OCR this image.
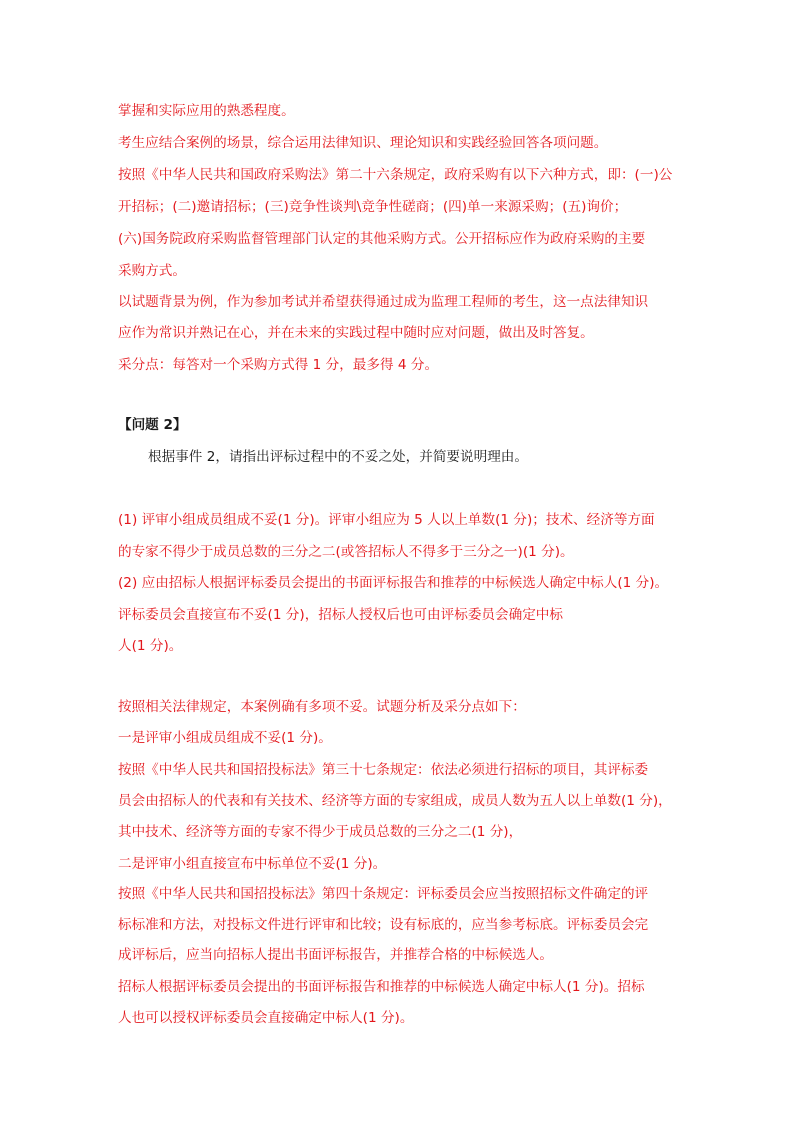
掌握和实际应用的熟悉程度。
考生应结合案例的场景，综合运用法律知识、理论知识和实践经验回答各项问题。
按照《中华人民共和国政府采购法》第二十六条规定，政府采购有以下六种方式，即：(一)公
开招标；(二)邀请招标；(三)竞争性谈判\竞争性磋商；(四)单一来源采购；(五)询价；
(六)国务院政府采购监督管理部门认定的其他采购方式。公开招标应作为政府采购的主要
采购方式。
以试题背景为例，作为参加考试并希望获得通过成为监理工程师的考生，这一点法律知识
应作为常识并熟记在心，并在未来的实践过程中随时应对问题，做出及时答复。
采分点：每答对一个采购方式得 1 分，最多得 4 分。
【问题 2】
根据事件 2，请指出评标过程中的不妥之处，并简要说明理由。
(1) 评审小组成员组成不妥(1 分)。评审小组应为 5 人以上单数(1 分)；技术、经济等方面
的专家不得少于成员总数的三分之二(或答招标人不得多于三分之一)(1 分)。
(2) 应由招标人根据评标委员会提出的书面评标报告和推荐的中标候选人确定中标人(1 分)。
评标委员会直接宣布不妥(1 分)，招标人授权后也可由评标委员会确定中标
人(1 分)。
按照相关法律规定，本案例确有多项不妥。试题分析及采分点如下：
一是评审小组成员组成不妥(1 分)。
按照《中华人民共和国招投标法》第三十七条规定：依法必须进行招标的项目，其评标委
员会由招标人的代表和有关技术、经济等方面的专家组成，成员人数为五人以上单数(1 分)，
其中技术、经济等方面的专家不得少于成员总数的三分之二(1 分)，
二是评审小组直接宣布中标单位不妥(1 分)。
按照《中华人民共和国招投标法》第四十条规定：评标委员会应当按照招标文件确定的评
标标准和方法，对投标文件进行评审和比较；设有标底的，应当参考标底。评标委员会完
成评标后，应当向招标人提出书面评标报告，并推荐合格的中标候选人。
招标人根据评标委员会提出的书面评标报告和推荐的中标候选人确定中标人(1 分)。招标
人也可以授权评标委员会直接确定中标人(1 分)。
